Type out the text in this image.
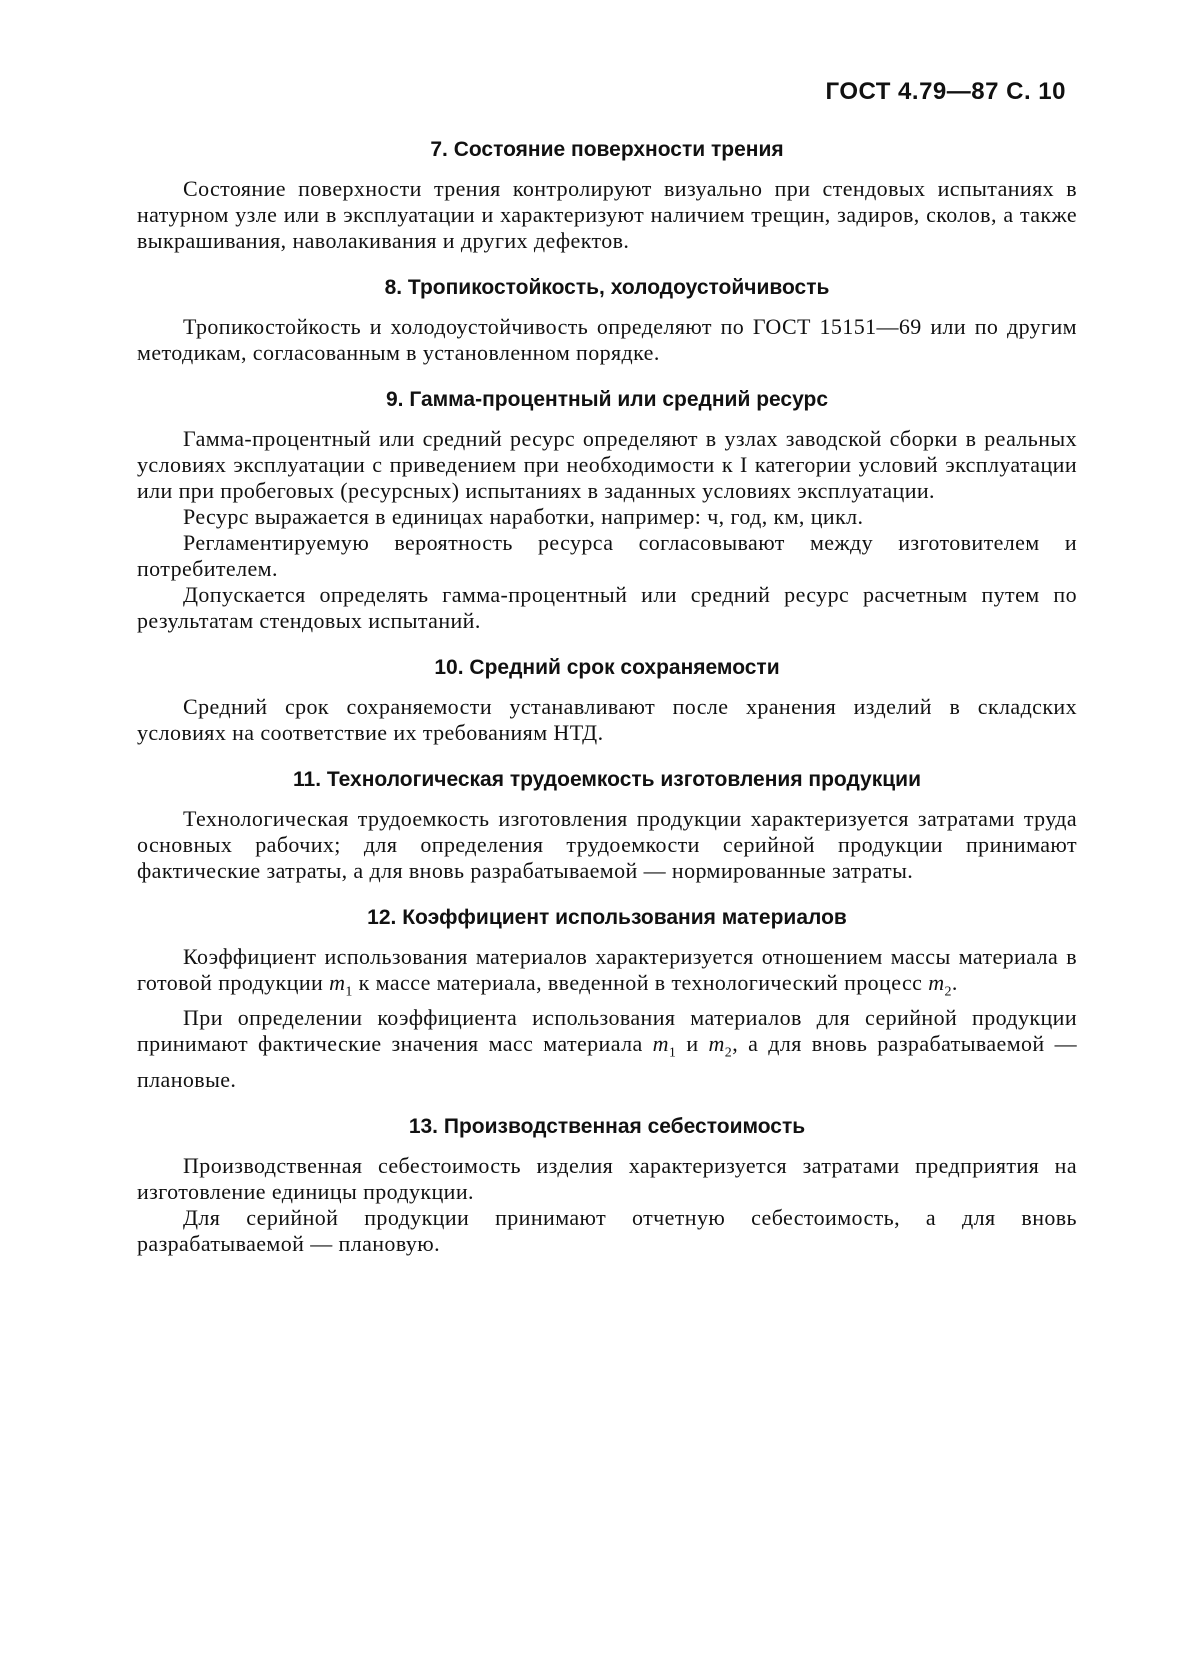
ГОСТ 4.79—87 С. 10
7. Состояние поверхности трения

Состояние поверхности трения контролируют визуально при стендовых испытаниях в натурном узле или в эксплуатации и характеризуют наличием трещин, задиров, сколов, а также выкрашивания, наволакивания и других дефектов.

8. Тропикостойкость, холодоустойчивость

Тропикостойкость и холодоустойчивость определяют по ГОСТ 15151—69 или по другим методикам, согласованным в установленном порядке.

9. Гамма-процентный или средний ресурс

Гамма-процентный или средний ресурс определяют в узлах заводской сборки в реальных условиях эксплуатации с приведением при необходимости к I категории условий эксплуатации или при пробеговых (ресурсных) испытаниях в заданных условиях эксплуатации.

Ресурс выражается в единицах наработки, например: ч, год, км, цикл.

Регламентируемую вероятность ресурса согласовывают между изготовителем и потребителем.

Допускается определять гамма-процентный или средний ресурс расчетным путем по результатам стендовых испытаний.

10. Средний срок сохраняемости

Средний срок сохраняемости устанавливают после хранения изделий в складских условиях на соответствие их требованиям НТД.

11. Технологическая трудоемкость изготовления продукции

Технологическая трудоемкость изготовления продукции характеризуется затратами труда основных рабочих; для определения трудоемкости серийной продукции принимают фактические затраты, а для вновь разрабатываемой — нормированные затраты.

12. Коэффициент использования материалов

Коэффициент использования материалов характеризуется отношением массы материала в готовой продукции $m_1$ к массе материала, введенной в технологический процесс $m_2$.

При определении коэффициента использования материалов для серийной продукции принимают фактические значения масс материала $m_1$ и $m_2$, а для вновь разрабатываемой — плановые.

13. Производственная себестоимость

Производственная себестоимость изделия характеризуется затратами предприятия на изготовление единицы продукции.

Для серийной продукции принимают отчетную себестоимость, а для вновь разрабатываемой — плановую.
